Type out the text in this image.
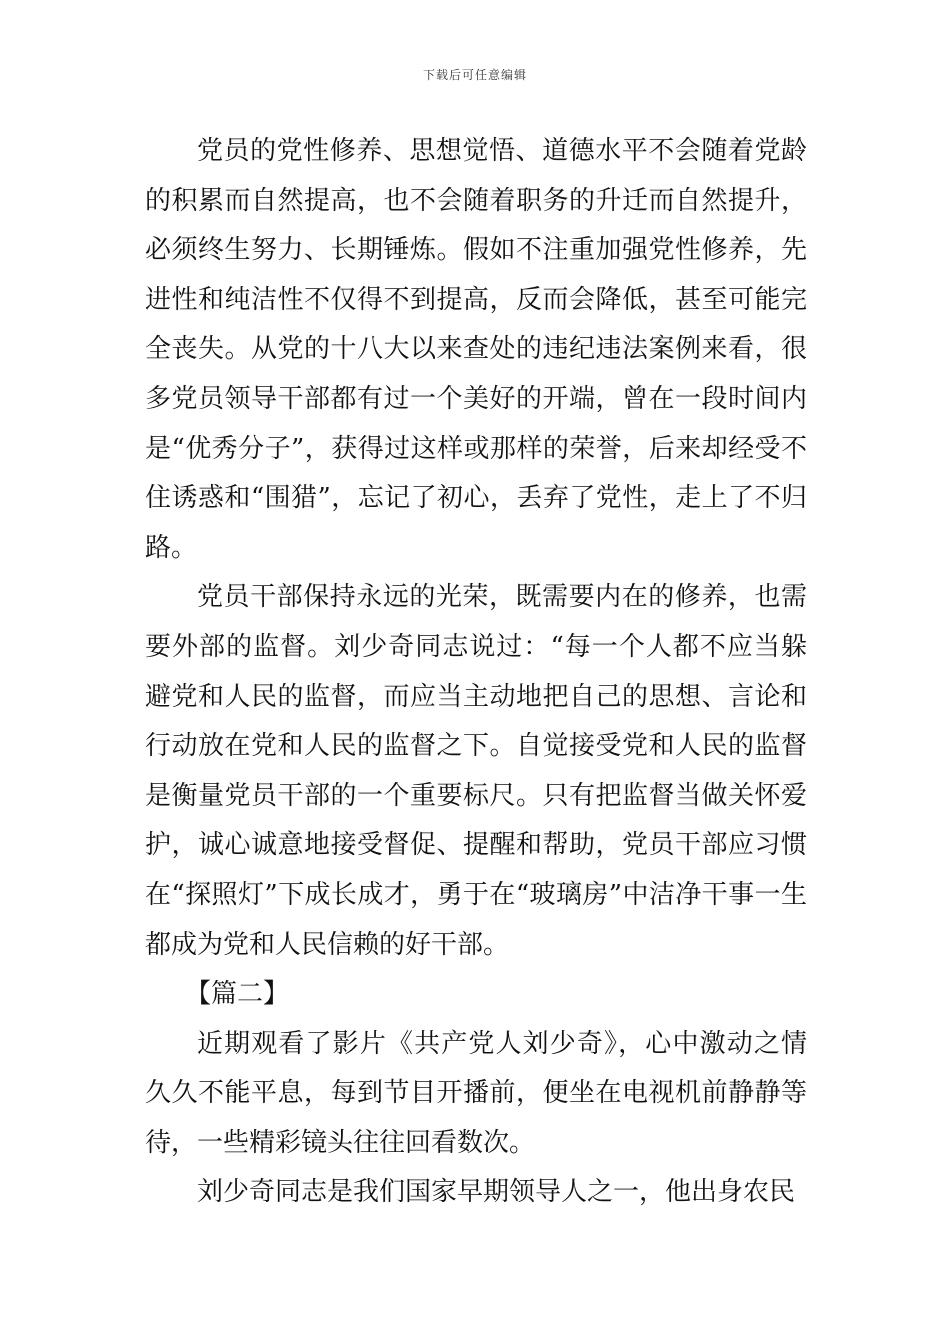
下载后可任意编辑

党员的党性修养、思想觉悟、道德水平不会随着党龄的积累而自然提高，也不会随着职务的升迁而自然提升，必须终生努力、长期锤炼。假如不注重加强党性修养，先进性和纯洁性不仅得不到提高，反而会降低，甚至可能完全丧失。从党的十八大以来查处的违纪违法案例来看，很多党员领导干部都有过一个美好的开端，曾在一段时间内是“优秀分子”，获得过这样或那样的荣誉，后来却经受不住诱惑和“围猎”，忘记了初心，丢弃了党性，走上了不归路。

党员干部保持永远的光荣，既需要内在的修养，也需要外部的监督。刘少奇同志说过：“每一个人都不应当躲避党和人民的监督，而应当主动地把自己的思想、言论和行动放在党和人民的监督之下。自觉接受党和人民的监督是衡量党员干部的一个重要标尺。只有把监督当做关怀爱护，诚心诚意地接受督促、提醒和帮助，党员干部应习惯在“探照灯”下成长成才，勇于在“玻璃房”中洁净干事一生都成为党和人民信赖的好干部。

【篇二】

近期观看了影片《共产党人刘少奇》，心中激动之情久久不能平息，每到节目开播前，便坐在电视机前静静等待，一些精彩镜头往往回看数次。

刘少奇同志是我们国家早期领导人之一，他出身农民
